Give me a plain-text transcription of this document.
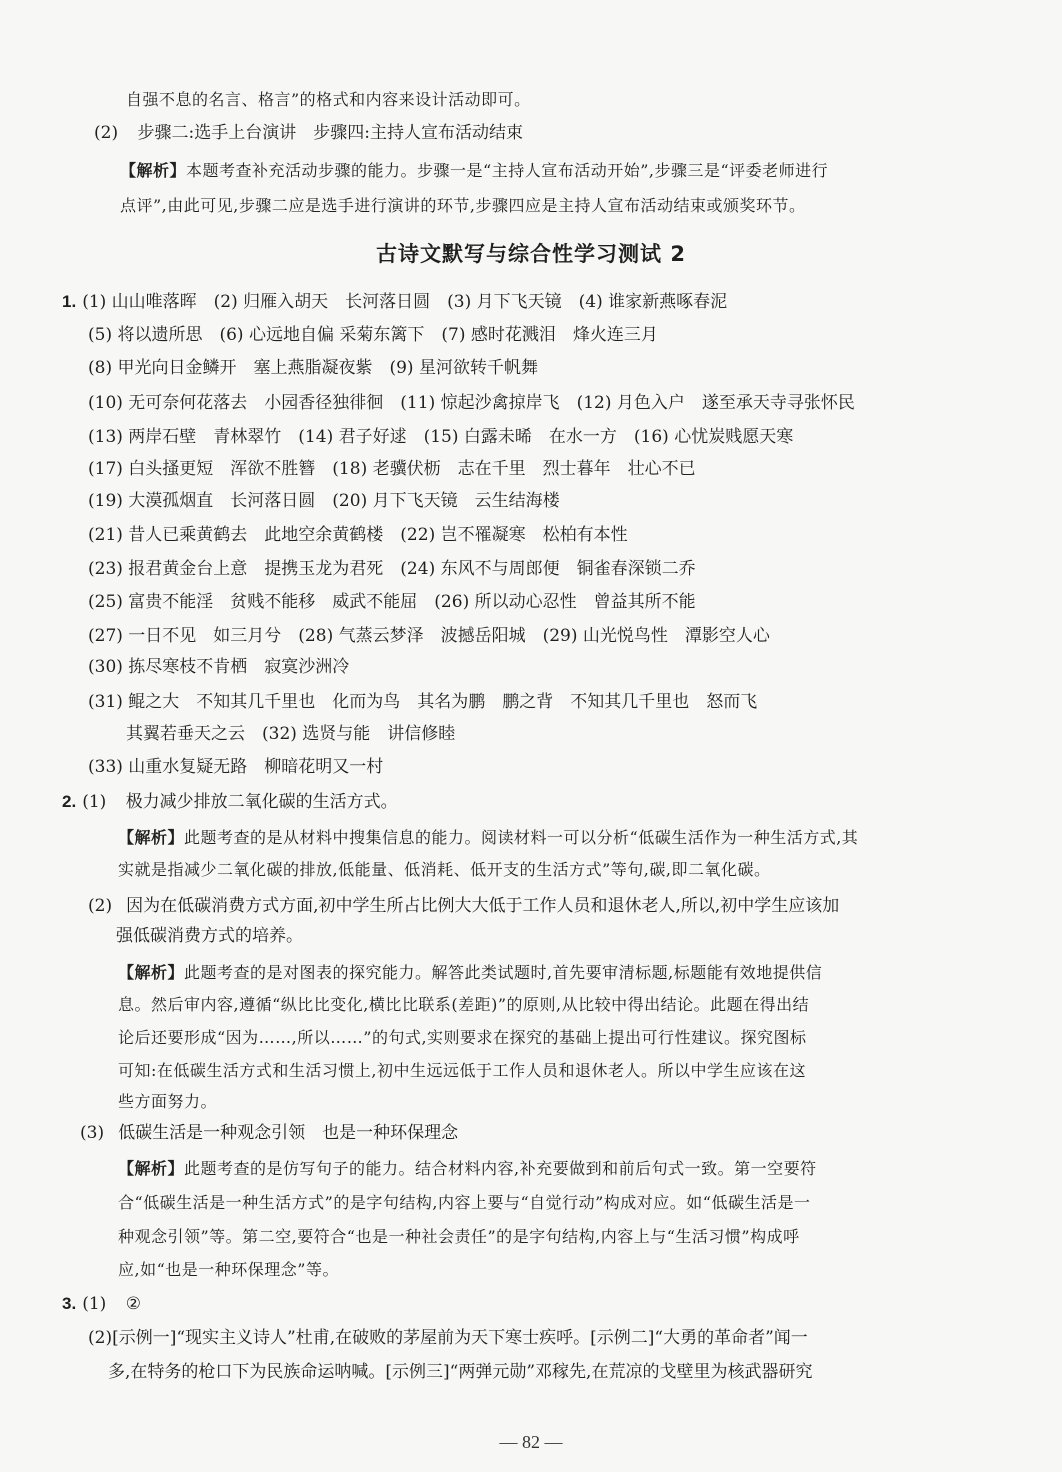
自强不息的名言、格言”的格式和内容来设计活动即可。
(2) 步骤二:选手上台演讲　步骤四:主持人宣布活动结束
【解析】本题考查补充活动步骤的能力。步骤一是“主持人宣布活动开始”,步骤三是“评委老师进行
点评”,由此可见,步骤二应是选手进行演讲的环节,步骤四应是主持人宣布活动结束或颁奖环节。
古诗文默写与综合性学习测试 2
1. (1) 山山唯落晖　(2) 归雁入胡天　长河落日圆　(3) 月下飞天镜　(4) 谁家新燕啄春泥
(5) 将以遗所思　(6) 心远地自偏 采菊东篱下　(7) 感时花溅泪　烽火连三月
(8) 甲光向日金鳞开　塞上燕脂凝夜紫　(9) 星河欲转千帆舞
(10) 无可奈何花落去　小园香径独徘徊　(11) 惊起沙禽掠岸飞　(12) 月色入户　遂至承天寺寻张怀民
(13) 两岸石壁　青林翠竹　(14) 君子好逑　(15) 白露未晞　在水一方　(16) 心忧炭贱愿天寒
(17) 白头搔更短　浑欲不胜簪　(18) 老骥伏枥　志在千里　烈士暮年　壮心不已
(19) 大漠孤烟直　长河落日圆　(20) 月下飞天镜　云生结海楼
(21) 昔人已乘黄鹤去　此地空余黄鹤楼　(22) 岂不罹凝寒　松柏有本性
(23) 报君黄金台上意　提携玉龙为君死　(24) 东风不与周郎便　铜雀春深锁二乔
(25) 富贵不能淫　贫贱不能移　威武不能屈　(26) 所以动心忍性　曾益其所不能
(27) 一日不见　如三月兮　(28) 气蒸云梦泽　波撼岳阳城　(29) 山光悦鸟性　潭影空人心
(30) 拣尽寒枝不肯栖　寂寞沙洲冷
(31) 鲲之大　不知其几千里也　化而为鸟　其名为鹏　鹏之背　不知其几千里也　怒而飞
其翼若垂天之云　(32) 选贤与能　讲信修睦
(33) 山重水复疑无路　柳暗花明又一村
2. (1) 极力减少排放二氧化碳的生活方式。
【解析】此题考查的是从材料中搜集信息的能力。阅读材料一可以分析“低碳生活作为一种生活方式,其
实就是指减少二氧化碳的排放,低能量、低消耗、低开支的生活方式”等句,碳,即二氧化碳。
(2) 因为在低碳消费方式方面,初中学生所占比例大大低于工作人员和退休老人,所以,初中学生应该加
强低碳消费方式的培养。
【解析】此题考查的是对图表的探究能力。解答此类试题时,首先要审清标题,标题能有效地提供信
息。然后审内容,遵循“纵比比变化,横比比联系(差距)”的原则,从比较中得出结论。此题在得出结
论后还要形成“因为……,所以……”的句式,实则要求在探究的基础上提出可行性建议。探究图标
可知:在低碳生活方式和生活习惯上,初中生远远低于工作人员和退休老人。所以中学生应该在这
些方面努力。
(3) 低碳生活是一种观念引领　也是一种环保理念
【解析】此题考查的是仿写句子的能力。结合材料内容,补充要做到和前后句式一致。第一空要符
合“低碳生活是一种生活方式”的是字句结构,内容上要与“自觉行动”构成对应。如“低碳生活是一
种观念引领”等。第二空,要符合“也是一种社会责任”的是字句结构,内容上与“生活习惯”构成呼
应,如“也是一种环保理念”等。
3. (1) ②
(2)[示例一]“现实主义诗人”杜甫,在破败的茅屋前为天下寒士疾呼。[示例二]“大勇的革命者”闻一
多,在特务的枪口下为民族命运呐喊。[示例三]“两弹元勋”邓稼先,在荒凉的戈壁里为核武器研究
— 82 —
